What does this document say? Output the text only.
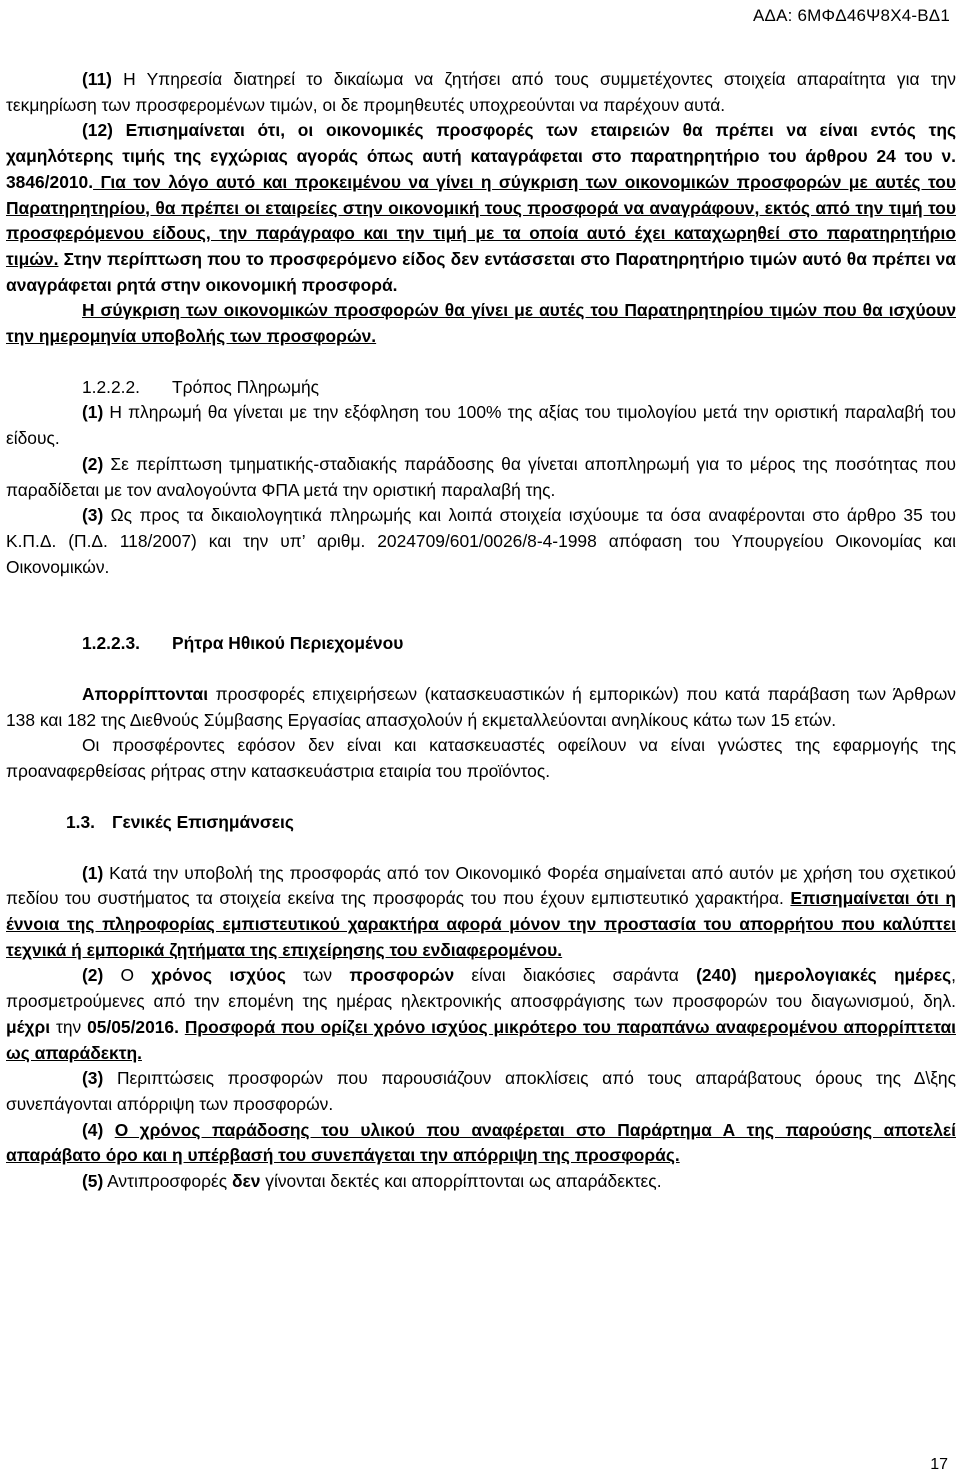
ΑΔΑ: 6ΜΦΔ46Ψ8Χ4-ΒΔ1

(11) Η Υπηρεσία διατηρεί το δικαίωμα να ζητήσει από τους συμμετέχοντες στοιχεία απαραίτητα για την τεκμηρίωση των προσφερομένων τιμών, οι δε προμηθευτές υποχρεούνται να παρέχουν αυτά.

(12) Επισημαίνεται ότι, οι οικονομικές προσφορές των εταιρειών θα πρέπει να είναι εντός της χαμηλότερης τιμής της εγχώριας αγοράς όπως αυτή καταγράφεται στο παρατηρητήριο του άρθρου 24 του ν. 3846/2010. Για τον λόγο αυτό και προκειμένου να γίνει η σύγκριση των οικονομικών προσφορών με αυτές του Παρατηρητηρίου, θα πρέπει οι εταιρείες στην οικονομική τους προσφορά να αναγράφουν, εκτός από την τιμή του προσφερόμενου είδους, την παράγραφο και την τιμή με τα οποία αυτό έχει καταχωρηθεί στο παρατηρητήριο τιμών. Στην περίπτωση που το προσφερόμενο είδος δεν εντάσσεται στο Παρατηρητήριο τιμών αυτό θα πρέπει να αναγράφεται ρητά στην οικονομική προσφορά.

Η σύγκριση των οικονομικών προσφορών θα γίνει με αυτές του Παρατηρητηρίου τιμών που θα ισχύουν την ημερομηνία υποβολής των προσφορών.

1.2.2.2. Τρόπος Πληρωμής

(1) Η πληρωμή θα γίνεται με την εξόφληση του 100% της αξίας του τιμολογίου μετά την οριστική παραλαβή του είδους.

(2) Σε περίπτωση τμηματικής-σταδιακής παράδοσης θα γίνεται αποπληρωμή για το μέρος της ποσότητας που παραδίδεται με τον αναλογούντα ΦΠΑ μετά την οριστική παραλαβή της.

(3) Ως προς τα δικαιολογητικά πληρωμής και λοιπά στοιχεία ισχύουμε τα όσα αναφέρονται στο άρθρο 35 του Κ.Π.Δ. (Π.Δ. 118/2007) και την υπ’ αριθμ. 2024709/601/0026/8-4-1998 απόφαση του Υπουργείου Οικονομίας και Οικονομικών.

1.2.2.3. Ρήτρα Ηθικού Περιεχομένου

Απορρίπτονται προσφορές επιχειρήσεων (κατασκευαστικών ή εμπορικών) που κατά παράβαση των Άρθρων 138 και 182 της Διεθνούς Σύμβασης Εργασίας απασχολούν ή εκμεταλλεύονται ανηλίκους κάτω των 15 ετών.

Οι προσφέροντες εφόσον δεν είναι και κατασκευαστές οφείλουν να είναι γνώστες της εφαρμογής της προαναφερθείσας ρήτρας στην κατασκευάστρια εταιρία του προϊόντος.

1.3. Γενικές Επισημάνσεις

(1) Κατά την υποβολή της προσφοράς από τον Οικονομικό Φορέα σημαίνεται από αυτόν με χρήση του σχετικού πεδίου του συστήματος τα στοιχεία εκείνα της προσφοράς του που έχουν εμπιστευτικό χαρακτήρα. Επισημαίνεται ότι η έννοια της πληροφορίας εμπιστευτικού χαρακτήρα αφορά μόνον την προστασία του απορρήτου που καλύπτει τεχνικά ή εμπορικά ζητήματα της επιχείρησης του ενδιαφερομένου.

(2) Ο χρόνος ισχύος των προσφορών είναι διακόσιες σαράντα (240) ημερολογιακές ημέρες, προσμετρούμενες από την επομένη της ημέρας ηλεκτρονικής αποσφράγισης των προσφορών του διαγωνισμού, δηλ. μέχρι την 05/05/2016. Προσφορά που ορίζει χρόνο ισχύος μικρότερο του παραπάνω αναφερομένου απορρίπτεται ως απαράδεκτη.

(3) Περιπτώσεις προσφορών που παρουσιάζουν αποκλίσεις από τους απαράβατους όρους της Δ\ξης συνεπάγονται απόρριψη των προσφορών.

(4) Ο χρόνος παράδοσης του υλικού που αναφέρεται στο Παράρτημα Α της παρούσης αποτελεί απαράβατο όρο και η υπέρβασή του συνεπάγεται την απόρριψη της προσφοράς.

(5) Αντιπροσφορές δεν γίνονται δεκτές και απορρίπτονται ως απαράδεκτες.

17
